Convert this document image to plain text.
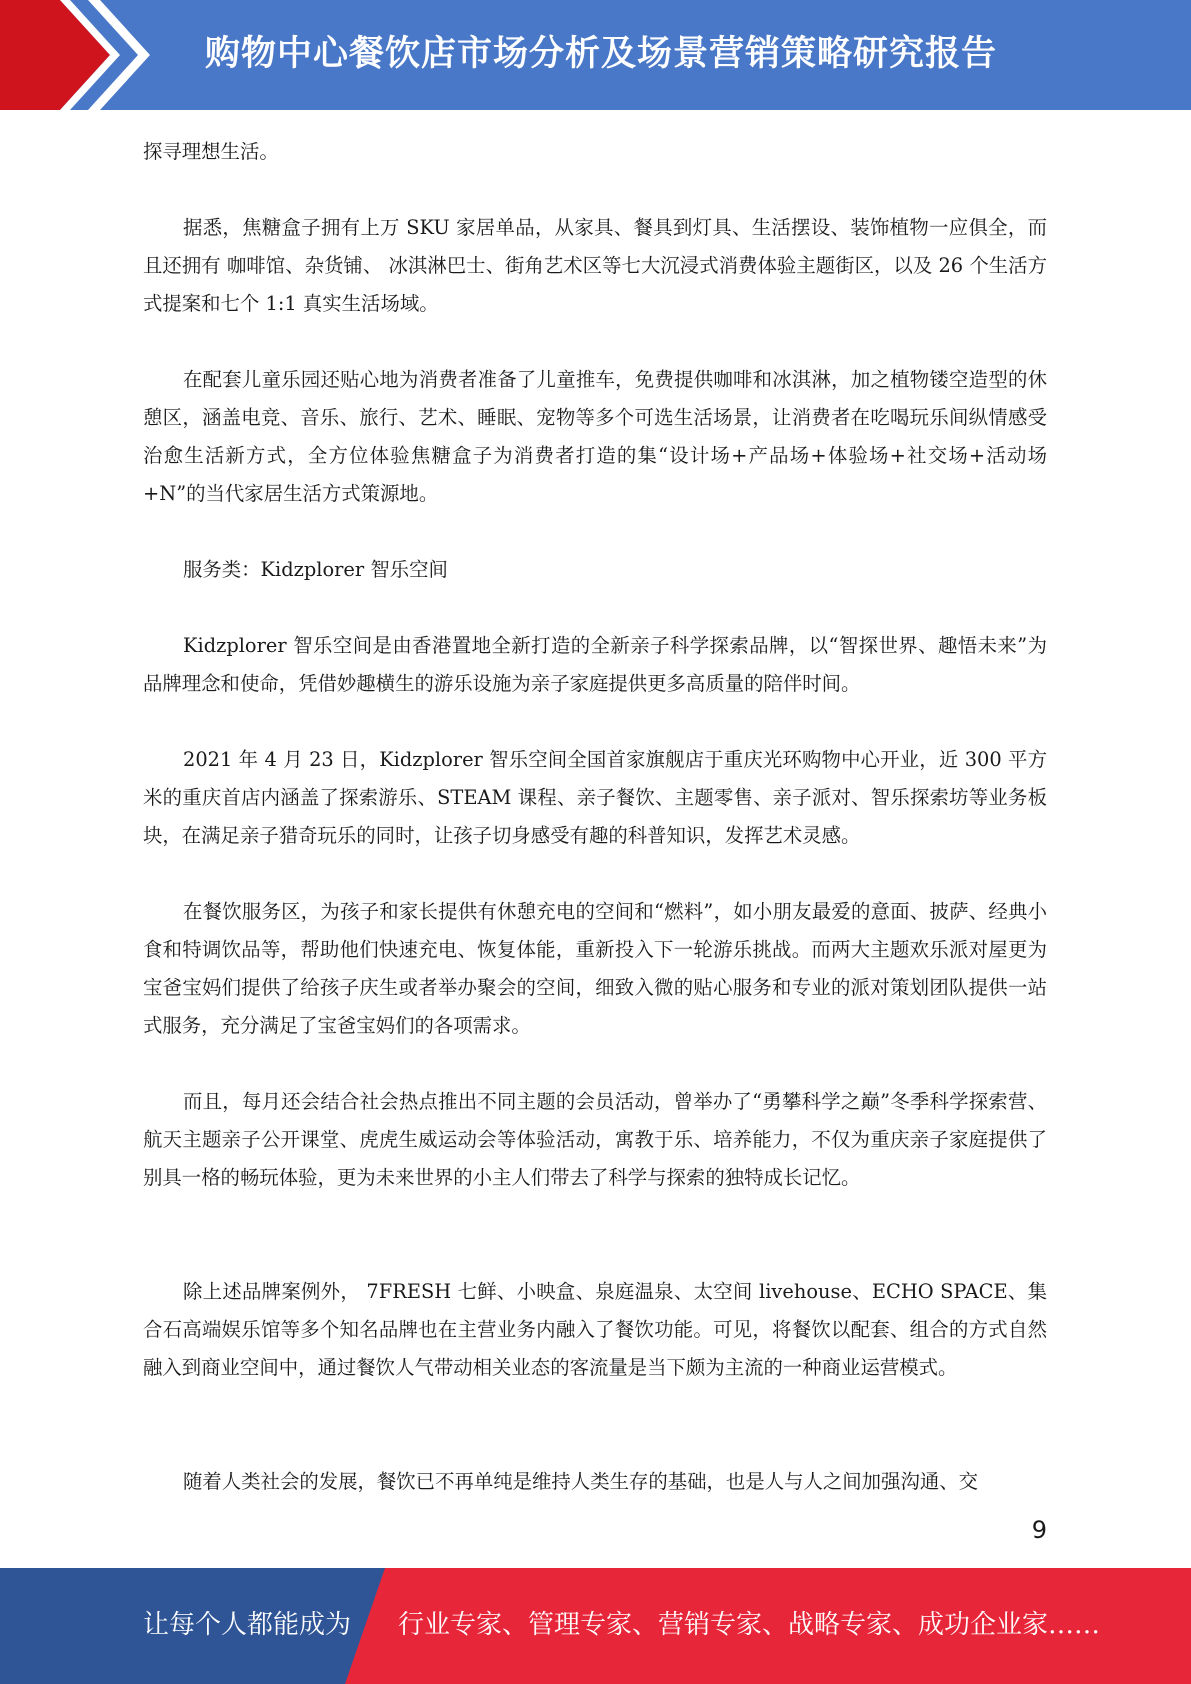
购物中心餐饮店市场分析及场景营销策略研究报告

探寻理想生活。

据悉，焦糖盒子拥有上万 SKU 家居单品，从家具、餐具到灯具、生活摆设、装饰植物一应俱全，而且还拥有 咖啡馆、杂货铺、 冰淇淋巴士、街角艺术区等七大沉浸式消费体验主题街区，以及 26 个生活方式提案和七个 1:1 真实生活场域。

在配套儿童乐园还贴心地为消费者准备了儿童推车，免费提供咖啡和冰淇淋，加之植物镂空造型的休憩区，涵盖电竞、音乐、旅行、艺术、睡眠、宠物等多个可选生活场景，让消费者在吃喝玩乐间纵情感受治愈生活新方式，全方位体验焦糖盒子为消费者打造的集“设计场+产品场+体验场+社交场+活动场+N”的当代家居生活方式策源地。

服务类：Kidzplorer 智乐空间

Kidzplorer 智乐空间是由香港置地全新打造的全新亲子科学探索品牌，以“智探世界、趣悟未来”为品牌理念和使命，凭借妙趣横生的游乐设施为亲子家庭提供更多高质量的陪伴时间。

2021 年 4 月 23 日，Kidzplorer 智乐空间全国首家旗舰店于重庆光环购物中心开业，近 300 平方米的重庆首店内涵盖了探索游乐、STEAM 课程、亲子餐饮、主题零售、亲子派对、智乐探索坊等业务板块，在满足亲子猎奇玩乐的同时，让孩子切身感受有趣的科普知识，发挥艺术灵感。

在餐饮服务区，为孩子和家长提供有休憩充电的空间和“燃料”，如小朋友最爱的意面、披萨、经典小食和特调饮品等，帮助他们快速充电、恢复体能，重新投入下一轮游乐挑战。而两大主题欢乐派对屋更为宝爸宝妈们提供了给孩子庆生或者举办聚会的空间，细致入微的贴心服务和专业的派对策划团队提供一站式服务，充分满足了宝爸宝妈们的各项需求。

而且，每月还会结合社会热点推出不同主题的会员活动，曾举办了“勇攀科学之巅”冬季科学探索营、航天主题亲子公开课堂、虎虎生威运动会等体验活动，寓教于乐、培养能力，不仅为重庆亲子家庭提供了别具一格的畅玩体验，更为未来世界的小主人们带去了科学与探索的独特成长记忆。

除上述品牌案例外， 7FRESH 七鲜、小映盒、泉庭温泉、太空间 livehouse、ECHO SPACE、集合石高端娱乐馆等多个知名品牌也在主营业务内融入了餐饮功能。可见，将餐饮以配套、组合的方式自然融入到商业空间中，通过餐饮人气带动相关业态的客流量是当下颇为主流的一种商业运营模式。

随着人类社会的发展，餐饮已不再单纯是维持人类生存的基础，也是人与人之间加强沟通、交

9
让每个人都能成为 行业专家、管理专家、营销专家、战略专家、成功企业家……
